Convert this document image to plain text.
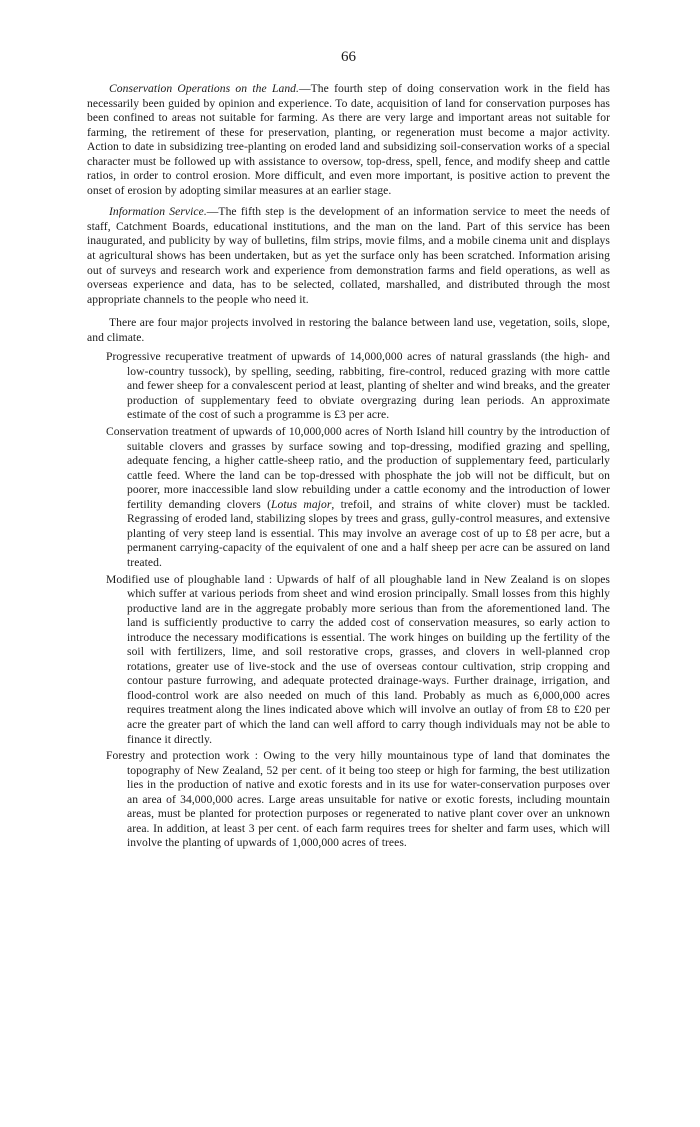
66

Conservation Operations on the Land.—The fourth step of doing conservation work in the field has necessarily been guided by opinion and experience. To date, acquisition of land for conservation purposes has been confined to areas not suitable for farming. As there are very large and important areas not suitable for farming, the retirement of these for preservation, planting, or regeneration must become a major activity. Action to date in subsidizing tree-planting on eroded land and subsidizing soil-conservation works of a special character must be followed up with assistance to oversow, top-dress, spell, fence, and modify sheep and cattle ratios, in order to control erosion. More difficult, and even more important, is positive action to prevent the onset of erosion by adopting similar measures at an earlier stage.

Information Service.—The fifth step is the development of an information service to meet the needs of staff, Catchment Boards, educational institutions, and the man on the land. Part of this service has been inaugurated, and publicity by way of bulletins, film strips, movie films, and a mobile cinema unit and displays at agricultural shows has been undertaken, but as yet the surface only has been scratched. Information arising out of surveys and research work and experience from demonstration farms and field operations, as well as overseas experience and data, has to be selected, collated, marshalled, and distributed through the most appropriate channels to the people who need it.

There are four major projects involved in restoring the balance between land use, vegetation, soils, slope, and climate.

Progressive recuperative treatment of upwards of 14,000,000 acres of natural grasslands (the high- and low-country tussock), by spelling, seeding, rabbiting, fire-control, reduced grazing with more cattle and fewer sheep for a convalescent period at least, planting of shelter and wind breaks, and the greater production of supplementary feed to obviate overgrazing during lean periods. An approximate estimate of the cost of such a programme is £3 per acre.

Conservation treatment of upwards of 10,000,000 acres of North Island hill country by the introduction of suitable clovers and grasses by surface sowing and top-dressing, modified grazing and spelling, adequate fencing, a higher cattle-sheep ratio, and the production of supplementary feed, particularly cattle feed. Where the land can be top-dressed with phosphate the job will not be difficult, but on poorer, more inaccessible land slow rebuilding under a cattle economy and the introduction of lower fertility demanding clovers (Lotus major, trefoil, and strains of white clover) must be tackled. Regrassing of eroded land, stabilizing slopes by trees and grass, gully-control measures, and extensive planting of very steep land is essential. This may involve an average cost of up to £8 per acre, but a permanent carrying-capacity of the equivalent of one and a half sheep per acre can be assured on land treated.

Modified use of ploughable land : Upwards of half of all ploughable land in New Zealand is on slopes which suffer at various periods from sheet and wind erosion principally. Small losses from this highly productive land are in the aggregate probably more serious than from the aforementioned land. The land is sufficiently productive to carry the added cost of conservation measures, so early action to introduce the necessary modifications is essential. The work hinges on building up the fertility of the soil with fertilizers, lime, and soil restorative crops, grasses, and clovers in well-planned crop rotations, greater use of live-stock and the use of overseas contour cultivation, strip cropping and contour pasture furrowing, and adequate protected drainage-ways. Further drainage, irrigation, and flood-control work are also needed on much of this land. Probably as much as 6,000,000 acres requires treatment along the lines indicated above which will involve an outlay of from £8 to £20 per acre the greater part of which the land can well afford to carry though individuals may not be able to finance it directly.

Forestry and protection work : Owing to the very hilly mountainous type of land that dominates the topography of New Zealand, 52 per cent. of it being too steep or high for farming, the best utilization lies in the production of native and exotic forests and in its use for water-conservation purposes over an area of 34,000,000 acres. Large areas unsuitable for native or exotic forests, including mountain areas, must be planted for protection purposes or regenerated to native plant cover over an unknown area. In addition, at least 3 per cent. of each farm requires trees for shelter and farm uses, which will involve the planting of upwards of 1,000,000 acres of trees.
